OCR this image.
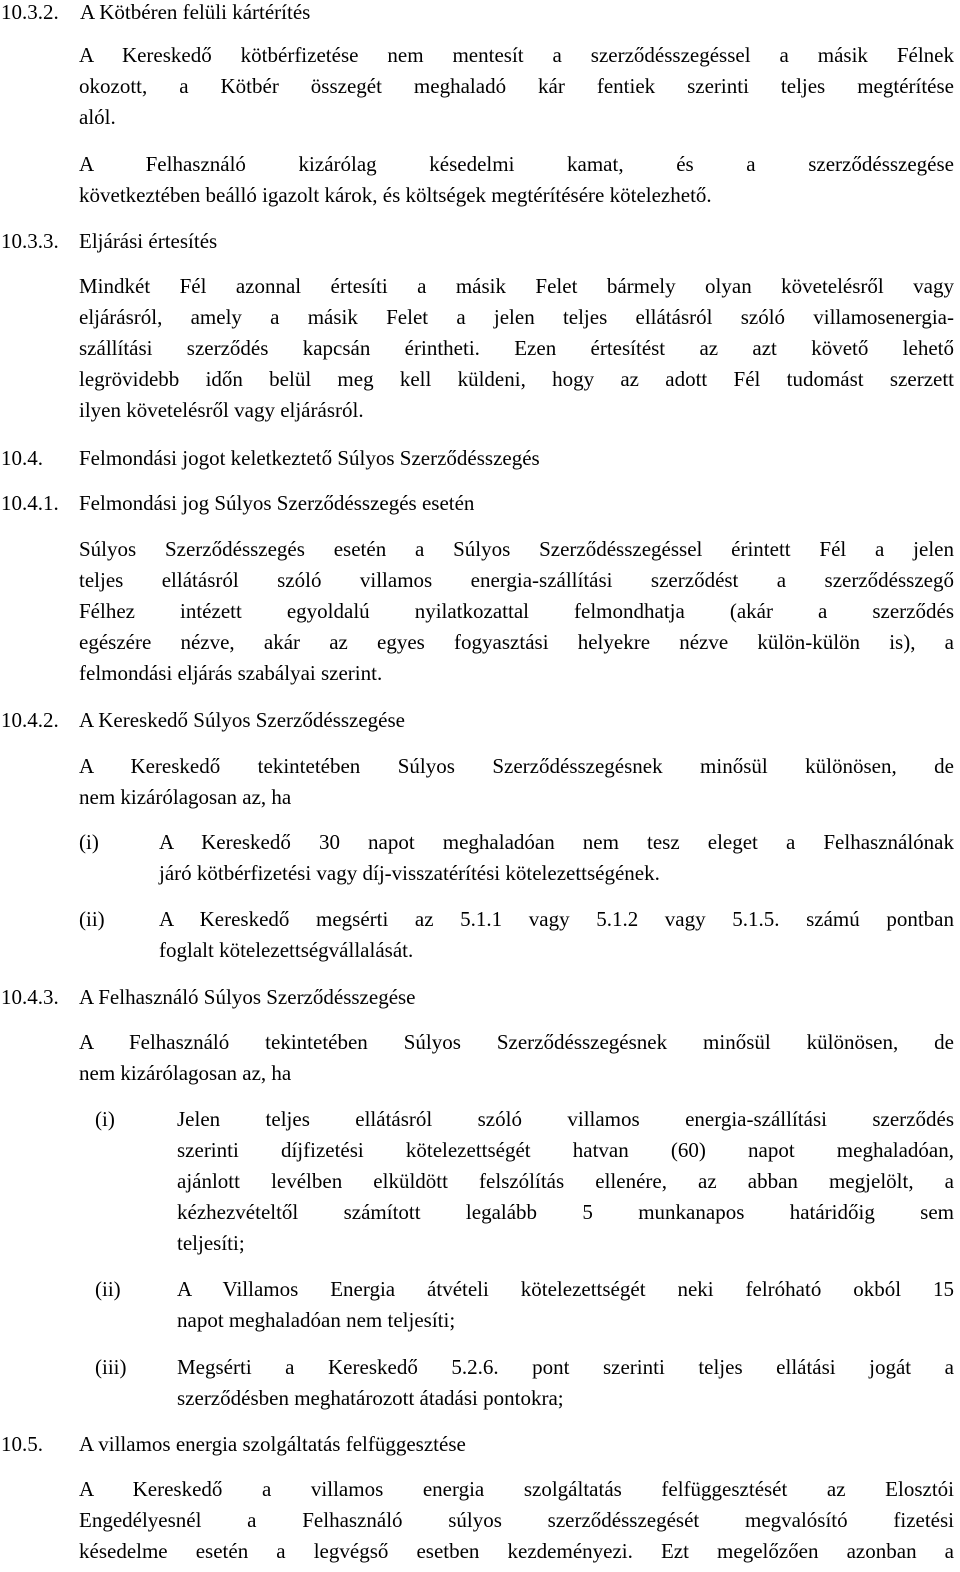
10.3.2. A Kötbéren felüli kártérítés
A Kereskedő kötbérfizetése nem mentesít a szerződésszegéssel a másik Félnek
okozott, a Kötbér összegét meghaladó kár fentiek szerinti teljes megtérítése
alól.
A Felhasználó kizárólag késedelmi kamat, és a szerződésszegése
következtében beálló igazolt károk, és költségek megtérítésére kötelezhető.
10.3.3. Eljárási értesítés
Mindkét Fél azonnal értesíti a másik Felet bármely olyan követelésről vagy
eljárásról, amely a másik Felet a jelen teljes ellátásról szóló villamosenergia-
szállítási szerződés kapcsán érintheti. Ezen értesítést az azt követő lehető
legrövidebb időn belül meg kell küldeni, hogy az adott Fél tudomást szerzett
ilyen követelésről vagy eljárásról.
10.4. Felmondási jogot keletkeztető Súlyos Szerződésszegés
10.4.1. Felmondási jog Súlyos Szerződésszegés esetén
Súlyos Szerződésszegés esetén a Súlyos Szerződésszegéssel érintett Fél a jelen
teljes ellátásról szóló villamos energia-szállítási szerződést a szerződésszegő
Félhez intézett egyoldalú nyilatkozattal felmondhatja (akár a szerződés
egészére nézve, akár az egyes fogyasztási helyekre nézve külön-külön is), a
felmondási eljárás szabályai szerint.
10.4.2. A Kereskedő Súlyos Szerződésszegése
A Kereskedő tekintetében Súlyos Szerződésszegésnek minősül különösen, de
nem kizárólagosan az, ha
(i)	A Kereskedő 30 napot meghaladóan nem tesz eleget a Felhasználónak
járó kötbérfizetési vagy díj-visszatérítési kötelezettségének.
(ii)	A Kereskedő megsérti az 5.1.1 vagy 5.1.2 vagy 5.1.5. számú pontban
foglalt kötelezettségvállalását.
10.4.3. A Felhasználó Súlyos Szerződésszegése
A Felhasználó tekintetében Súlyos Szerződésszegésnek minősül különösen, de
nem kizárólagosan az, ha
(i)	Jelen teljes ellátásról szóló villamos energia-szállítási szerződés
szerinti díjfizetési kötelezettségét hatvan (60) napot meghaladóan,
ajánlott levélben elküldött felszólítás ellenére, az abban megjelölt, a
kézhezvételtől számított legalább 5 munkanapos határidőig sem
teljesíti;
(ii)	A Villamos Energia átvételi kötelezettségét neki felróható okból 15
napot meghaladóan nem teljesíti;
(iii) Megsérti a Kereskedő 5.2.6. pont szerinti teljes ellátási jogát a
szerződésben meghatározott átadási pontokra;
10.5. A villamos energia szolgáltatás felfüggesztése
A Kereskedő a villamos energia szolgáltatás felfüggesztését az Elosztói
Engedélyesnél a Felhasználó súlyos szerződésszegését megvalósító fizetési
késedelme esetén a legvégső esetben kezdeményezi. Ezt megelőzően azonban a
